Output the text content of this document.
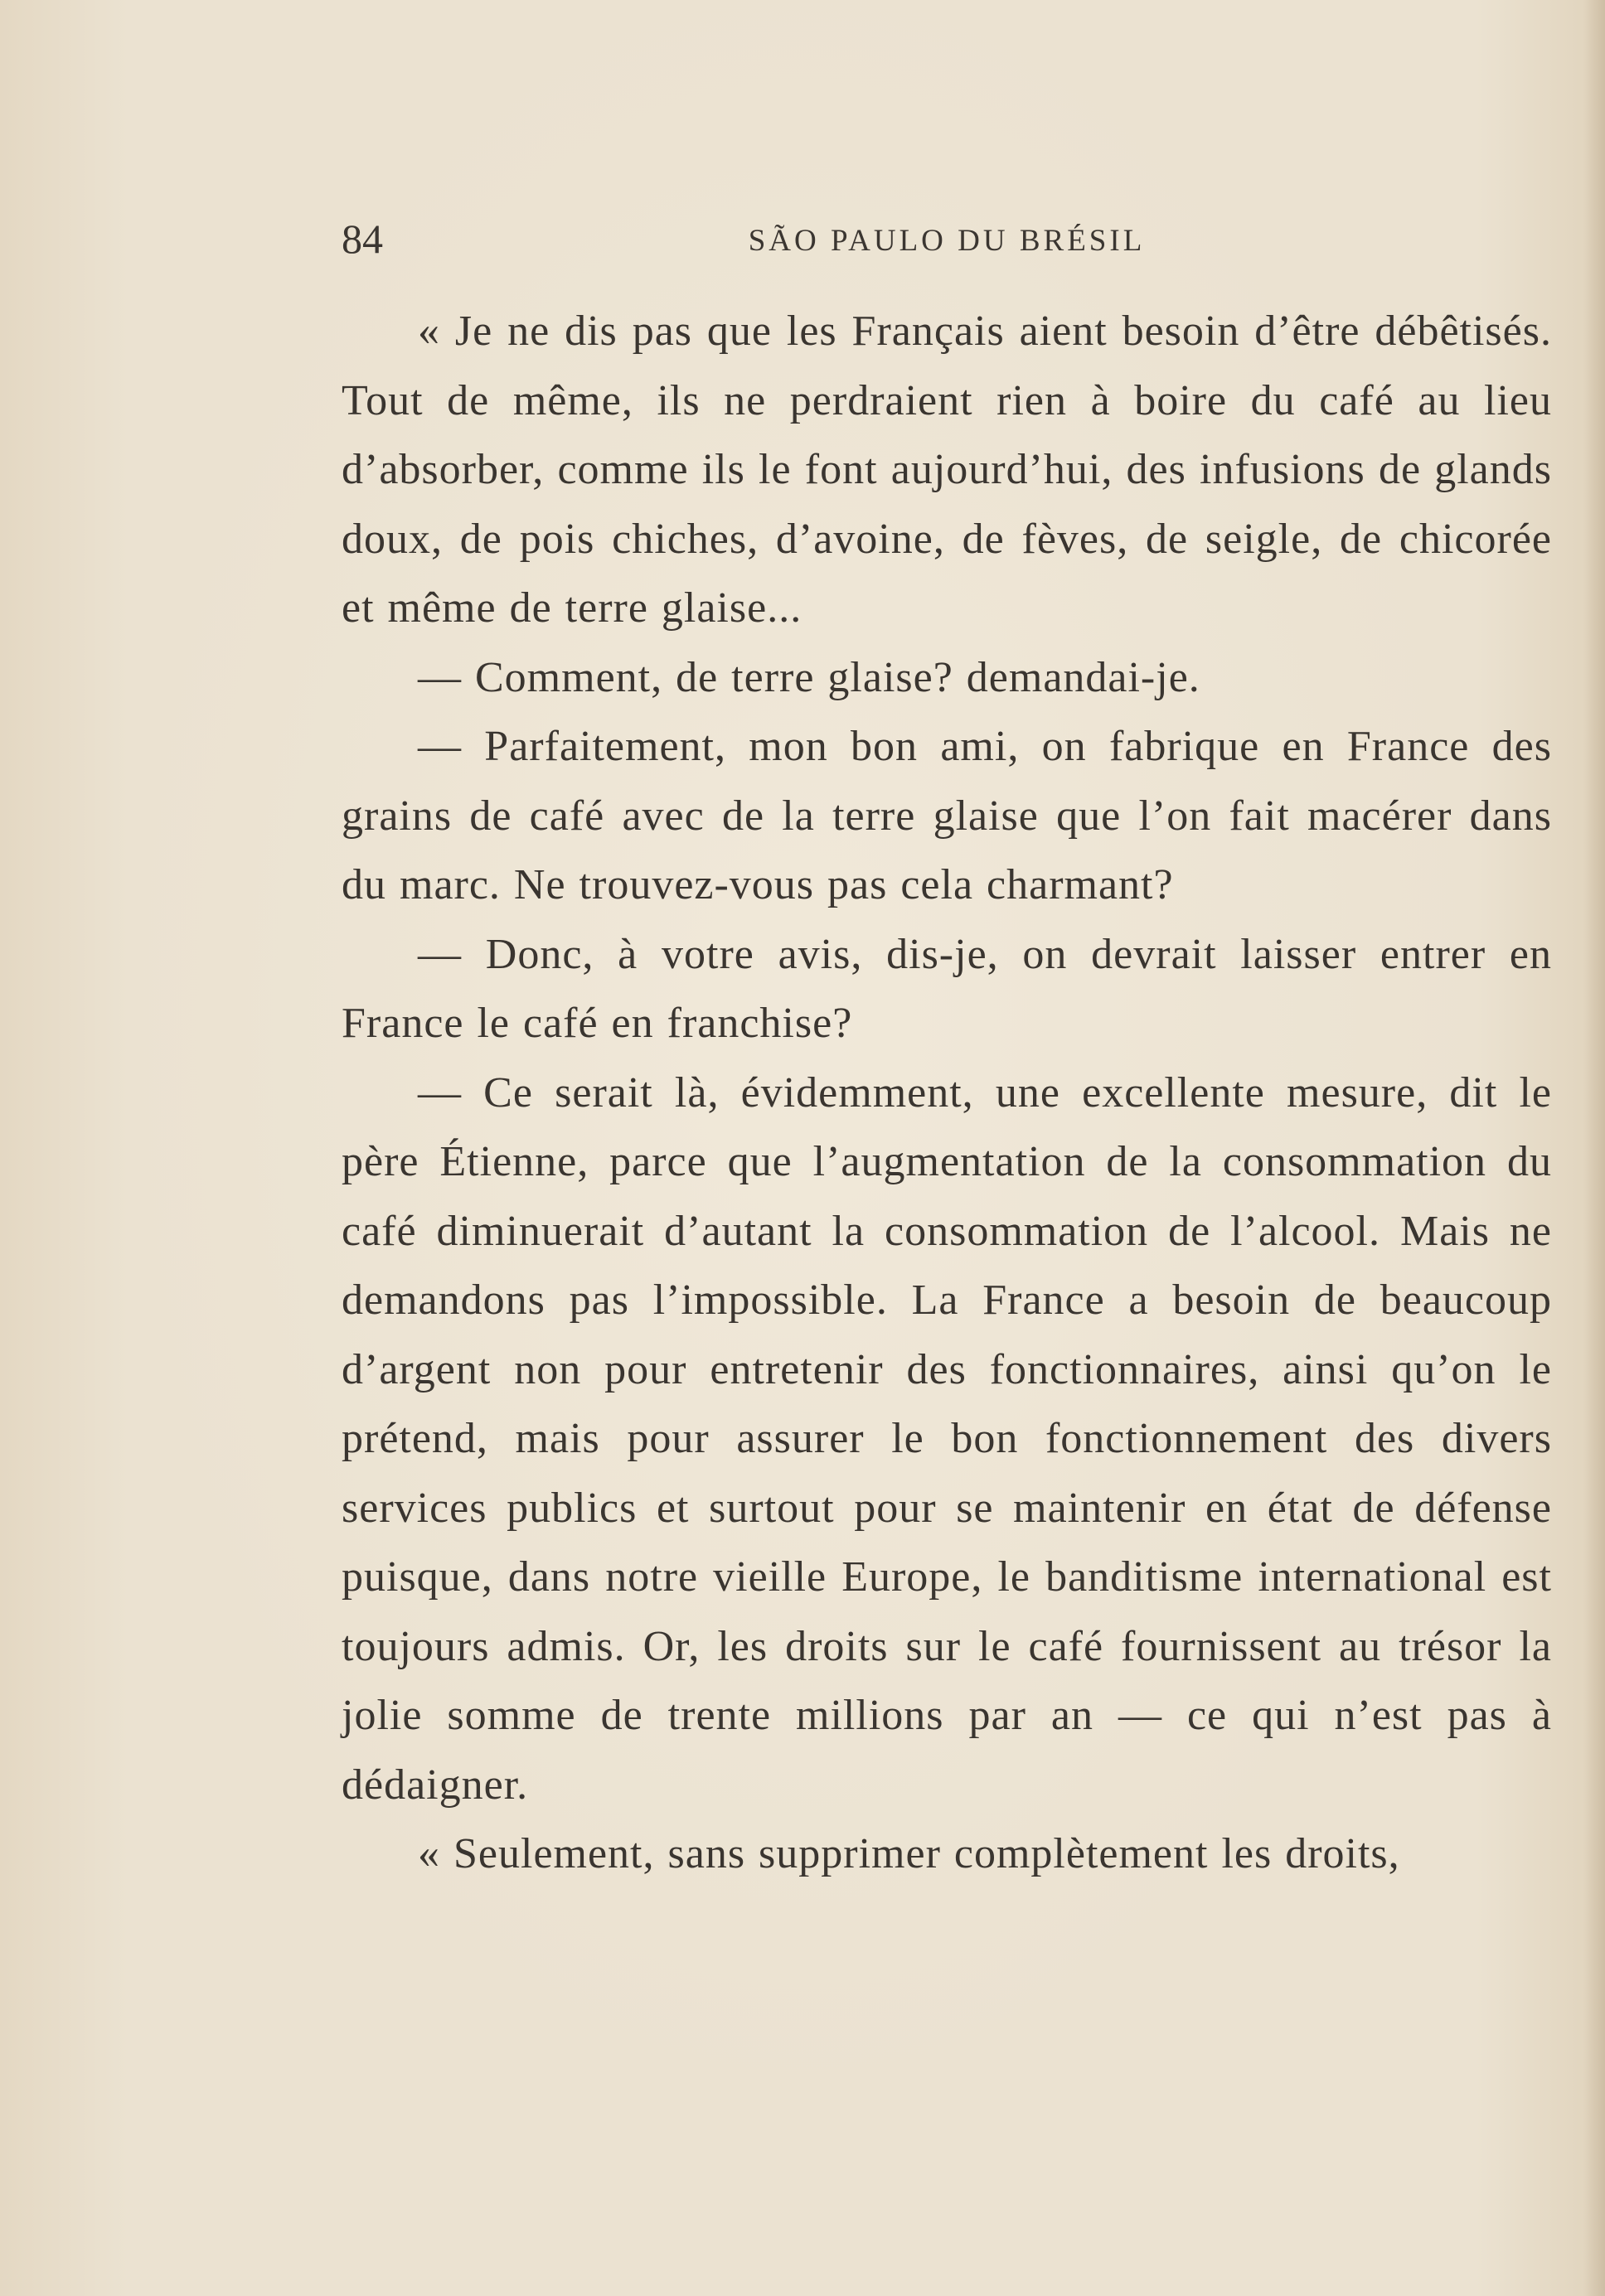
84	SÃO PAULO DU BRÉSIL

« Je ne dis pas que les Français aient besoin d’être débêtisés. Tout de même, ils ne perdraient rien à boire du café au lieu d’absorber, comme ils le font aujourd’hui, des infusions de glands doux, de pois chiches, d’avoine, de fèves, de seigle, de chicorée et même de terre glaise...

— Comment, de terre glaise? demandai-je.

— Parfaitement, mon bon ami, on fabrique en France des grains de café avec de la terre glaise que l’on fait macérer dans du marc. Ne trouvez-vous pas cela charmant?

— Donc, à votre avis, dis-je, on devrait laisser entrer en France le café en franchise?

— Ce serait là, évidemment, une excellente mesure, dit le père Étienne, parce que l’augmentation de la consommation du café diminuerait d’autant la consommation de l’alcool. Mais ne demandons pas l’impossible. La France a besoin de beaucoup d’argent non pour entretenir des fonctionnaires, ainsi qu’on le prétend, mais pour assurer le bon fonctionnement des divers services publics et surtout pour se maintenir en état de défense puisque, dans notre vieille Europe, le banditisme international est toujours admis. Or, les droits sur le café fournissent au trésor la jolie somme de trente millions par an — ce qui n’est pas à dédaigner.

« Seulement, sans supprimer complètement les droits,
